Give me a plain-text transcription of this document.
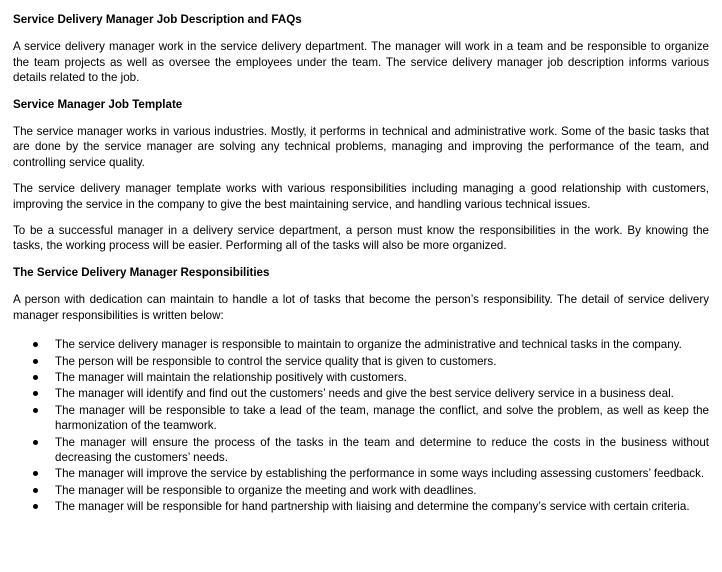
Service Delivery Manager Job Description and FAQs

A service delivery manager work in the service delivery department. The manager will work in a team and be responsible to organize the team projects as well as oversee the employees under the team. The service delivery manager job description informs various details related to the job.

Service Manager Job Template

The service manager works in various industries. Mostly, it performs in technical and administrative work. Some of the basic tasks that are done by the service manager are solving any technical problems, managing and improving the performance of the team, and controlling service quality.

The service delivery manager template works with various responsibilities including managing a good relationship with customers, improving the service in the company to give the best maintaining service, and handling various technical issues.

To be a successful manager in a delivery service department, a person must know the responsibilities in the work. By knowing the tasks, the working process will be easier. Performing all of the tasks will also be more organized.

The Service Delivery Manager Responsibilities

A person with dedication can maintain to handle a lot of tasks that become the person’s responsibility. The detail of service delivery manager responsibilities is written below:

The service delivery manager is responsible to maintain to organize the administrative and technical tasks in the company.
The person will be responsible to control the service quality that is given to customers.
The manager will maintain the relationship positively with customers.
The manager will identify and find out the customers’ needs and give the best service delivery service in a business deal.
The manager will be responsible to take a lead of the team, manage the conflict, and solve the problem, as well as keep the harmonization of the teamwork.
The manager will ensure the process of the tasks in the team and determine to reduce the costs in the business without decreasing the customers’ needs.
The manager will improve the service by establishing the performance in some ways including assessing customers’ feedback.
The manager will be responsible to organize the meeting and work with deadlines.
The manager will be responsible for hand partnership with liaising and determine the company’s service with certain criteria.
